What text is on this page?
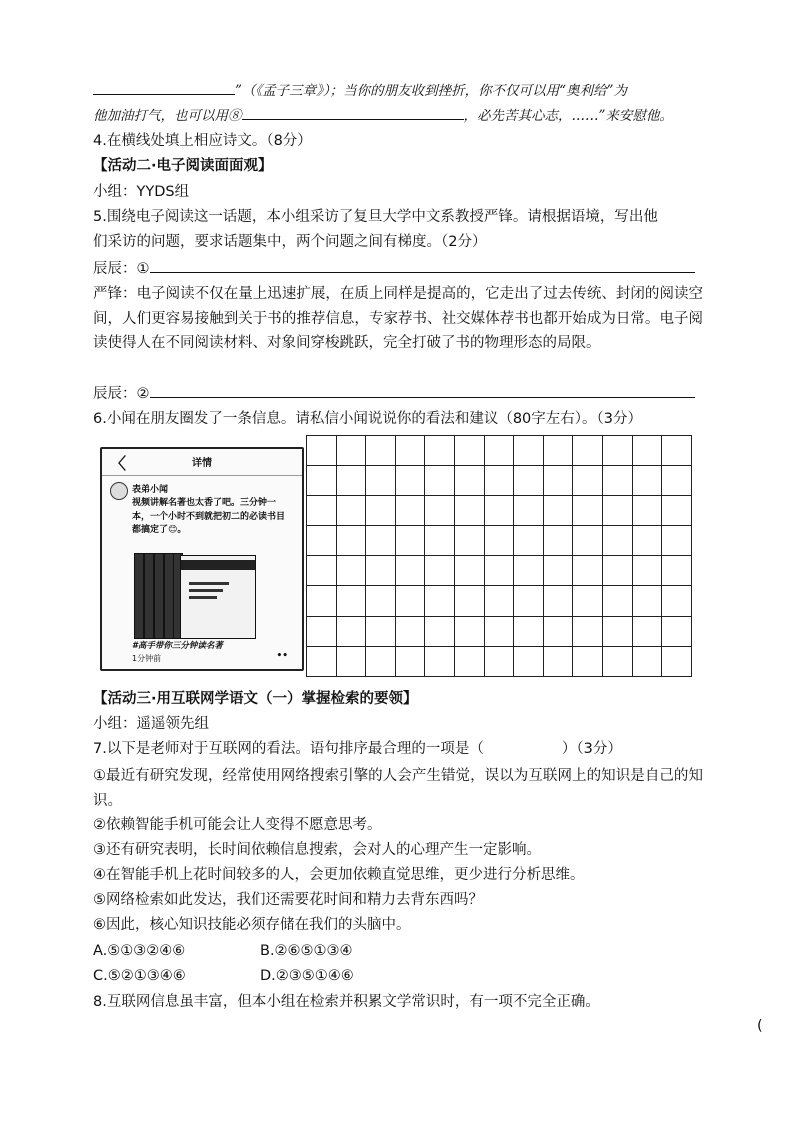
”（《孟子三章》）；当你的朋友收到挫折，你不仅可以用“奥利给”为
他加油打气，也可以用⑧	，必先苦其心志，……”来安慰他。
4.在横线处填上相应诗文。（8分）
【活动二·电子阅读面面观】
小组：YYDS组
5.围绕电子阅读这一话题，本小组采访了复旦大学中文系教授严锋。请根据语境，写出他
们采访的问题，要求话题集中，两个问题之间有梯度。（2分）
辰辰：①
严锋：电子阅读不仅在量上迅速扩展，在质上同样是提高的，它走出了过去传统、封闭的阅读空间，人们更容易接触到关于书的推荐信息，专家荐书、社交媒体荐书也都开始成为日常。电子阅读使得人在不同阅读材料、对象间穿梭跳跃，完全打破了书的物理形态的局限。
辰辰：②
6.小闻在朋友圈发了一条信息。请私信小闻说说你的看法和建议（80字左右）。（3分）
〈	详情
表弟小闻
视频讲解名著也太香了吧。三分钟一本，一个小时不到就把初二的必读书目都搞定了😊。
#高手带你三分钟读名著
1分钟前	••
【活动三·用互联网学语文（一）掌握检索的要领】
小组：遥遥领先组
7.以下是老师对于互联网的看法。语句排序最合理的一项是（	）（3分）
①最近有研究发现，经常使用网络搜索引擎的人会产生错觉，误以为互联网上的知识是自己的知识。
②依赖智能手机可能会让人变得不愿意思考。
③还有研究表明，长时间依赖信息搜索，会对人的心理产生一定影响。
④在智能手机上花时间较多的人，会更加依赖直觉思维，更少进行分析思维。
⑤网络检索如此发达，我们还需要花时间和精力去背东西吗？
⑥因此，核心知识技能必须存储在我们的头脑中。
A.⑤①③②④⑥	B.②⑥⑤①③④
C.⑤②①③④⑥	D.②③⑤①④⑥
8.互联网信息虽丰富，但本小组在检索并积累文学常识时，有一项不完全正确。
(
